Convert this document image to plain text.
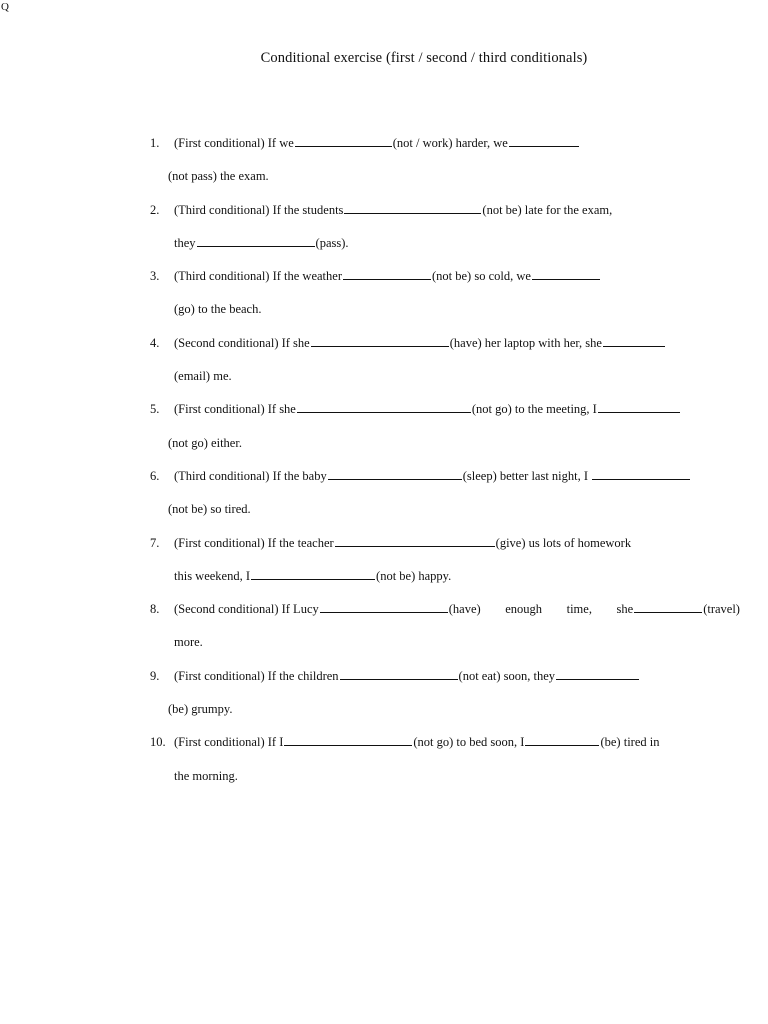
Q
Conditional exercise (first / second / third conditionals)
1. (First conditional) If we	(not / work) harder, we
(not pass) the exam.
2. (Third conditional) If the students	(not be) late for the exam,
they	(pass).
3. (Third conditional) If the weather	(not be) so cold, we
(go) to the beach.
4. (Second conditional) If she	(have) her laptop with her, she
(email) me.
5. (First conditional) If she	(not go) to the meeting, I
(not go) either.
6. (Third conditional) If the baby	(sleep) better last night, I
(not be) so tired.
7. (First conditional) If the teacher	(give) us lots of homework
this weekend, I	(not be) happy.
8. (Second conditional) If Lucy	(have) enough time, she	(travel)
more.
9. (First conditional) If the children	(not eat) soon, they
(be) grumpy.
10. (First conditional) If I	(not go) to bed soon, I	(be) tired in
the morning.
